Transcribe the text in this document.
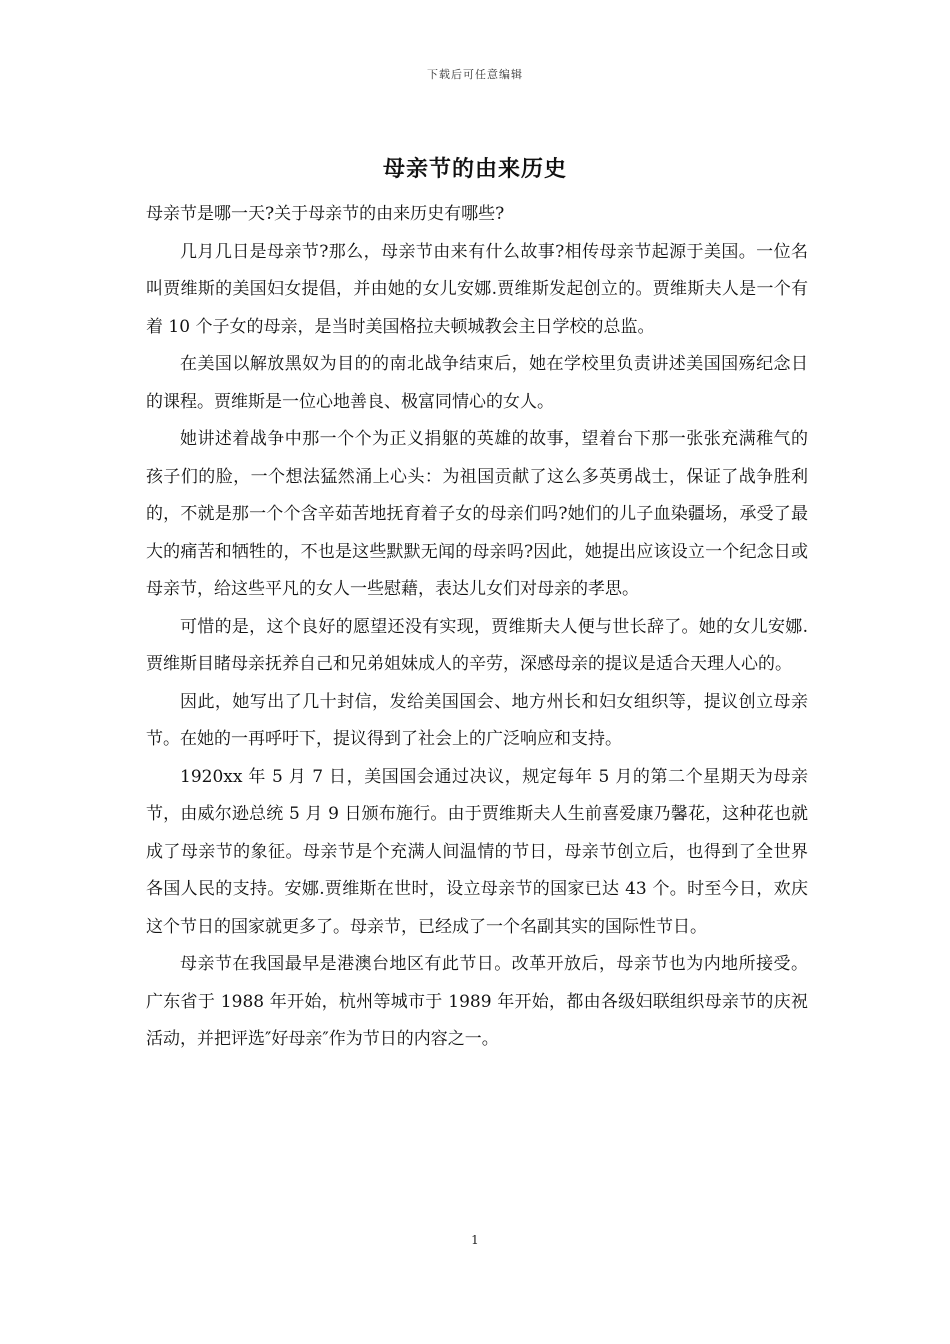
下载后可任意编辑
母亲节的由来历史

母亲节是哪一天?关于母亲节的由来历史有哪些?

几月几日是母亲节?那么，母亲节由来有什么故事?相传母亲节起源于美国。一位名叫贾维斯的美国妇女提倡，并由她的女儿安娜.贾维斯发起创立的。贾维斯夫人是一个有着 10 个子女的母亲，是当时美国格拉夫顿城教会主日学校的总监。

在美国以解放黑奴为目的的南北战争结束后，她在学校里负责讲述美国国殇纪念日的课程。贾维斯是一位心地善良、极富同情心的女人。

她讲述着战争中那一个个为正义捐躯的英雄的故事，望着台下那一张张充满稚气的孩子们的脸，一个想法猛然涌上心头：为祖国贡献了这么多英勇战士，保证了战争胜利的，不就是那一个个含辛茹苦地抚育着子女的母亲们吗?她们的儿子血染疆场，承受了最大的痛苦和牺牲的，不也是这些默默无闻的母亲吗?因此，她提出应该设立一个纪念日或母亲节，给这些平凡的女人一些慰藉，表达儿女们对母亲的孝思。

可惜的是，这个良好的愿望还没有实现，贾维斯夫人便与世长辞了。她的女儿安娜.贾维斯目睹母亲抚养自己和兄弟姐妹成人的辛劳，深感母亲的提议是适合天理人心的。

因此，她写出了几十封信，发给美国国会、地方州长和妇女组织等，提议创立母亲节。在她的一再呼吁下，提议得到了社会上的广泛响应和支持。

1920xx 年 5 月 7 日，美国国会通过决议，规定每年 5 月的第二个星期天为母亲节，由威尔逊总统 5 月 9 日颁布施行。由于贾维斯夫人生前喜爱康乃馨花，这种花也就成了母亲节的象征。母亲节是个充满人间温情的节日，母亲节创立后，也得到了全世界各国人民的支持。安娜.贾维斯在世时，设立母亲节的国家已达 43 个。时至今日，欢庆这个节日的国家就更多了。母亲节，已经成了一个名副其实的国际性节日。

母亲节在我国最早是港澳台地区有此节日。改革开放后，母亲节也为内地所接受。广东省于 1988 年开始，杭州等城市于 1989 年开始，都由各级妇联组织母亲节的庆祝活动，并把评选″好母亲″作为节日的内容之一。

1
